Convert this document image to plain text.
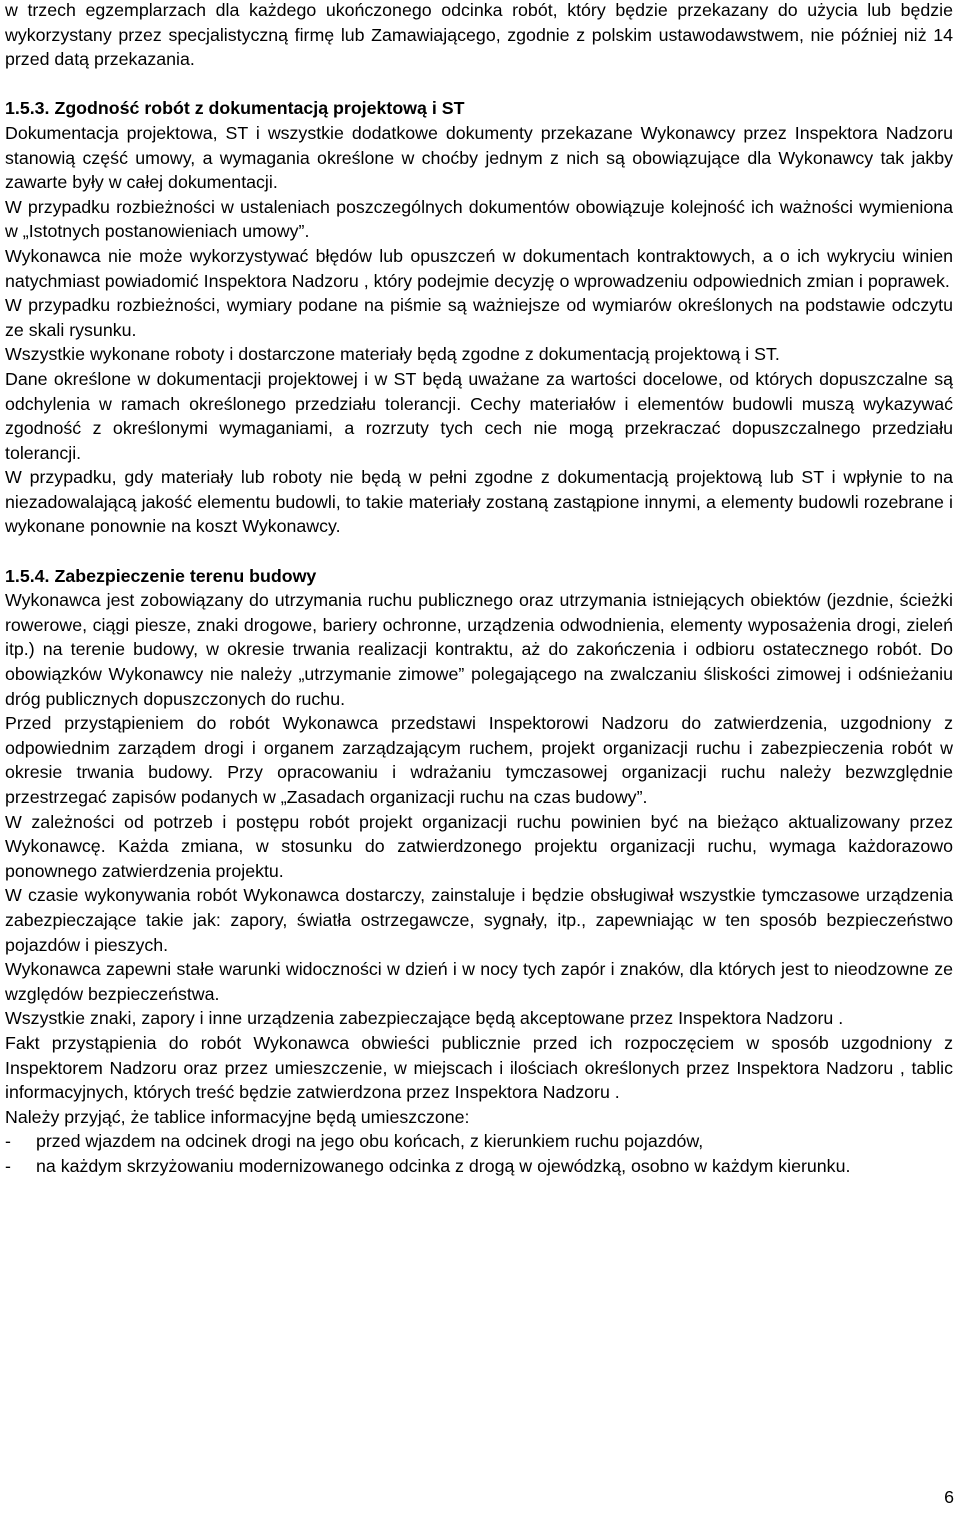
w trzech egzemplarzach dla każdego ukończonego odcinka robót, który będzie przekazany do użycia lub będzie wykorzystany przez specjalistyczną firmę lub Zamawiającego, zgodnie z polskim ustawodawstwem, nie później niż 14 przed datą przekazania.

1.5.3. Zgodność robót z dokumentacją projektową i ST

Dokumentacja projektowa, ST i wszystkie dodatkowe dokumenty przekazane Wykonawcy przez Inspektora Nadzoru stanowią część umowy, a wymagania określone w choćby jednym z nich są obowiązujące dla Wykonawcy tak jakby zawarte były w całej dokumentacji.

W przypadku rozbieżności w ustaleniach poszczególnych dokumentów obowiązuje kolejność ich ważności wymieniona w „Istotnych postanowieniach umowy”.

Wykonawca nie może wykorzystywać błędów lub opuszczeń w dokumentach kontraktowych, a o ich wykryciu winien natychmiast powiadomić Inspektora Nadzoru , który podejmie decyzję o wprowadzeniu odpowiednich zmian i poprawek.

W przypadku rozbieżności, wymiary podane na piśmie są ważniejsze od wymiarów określonych na podstawie odczytu ze skali rysunku.

Wszystkie wykonane roboty i dostarczone materiały będą zgodne z dokumentacją projektową i ST.

Dane określone w dokumentacji projektowej i w ST będą uważane za wartości docelowe, od których dopuszczalne są odchylenia w ramach określonego przedziału tolerancji. Cechy materiałów i elementów budowli muszą wykazywać zgodność z określonymi wymaganiami, a rozrzuty tych cech nie mogą przekraczać dopuszczalnego przedziału tolerancji.

W przypadku, gdy materiały lub roboty nie będą w pełni zgodne z dokumentacją projektową lub ST i wpłynie to na niezadowalającą jakość elementu budowli, to takie materiały zostaną zastąpione innymi, a elementy budowli rozebrane i wykonane ponownie na koszt Wykonawcy.

1.5.4. Zabezpieczenie terenu budowy

Wykonawca jest zobowiązany do utrzymania ruchu publicznego oraz utrzymania istniejących obiektów (jezdnie, ścieżki rowerowe, ciągi piesze, znaki drogowe, bariery ochronne, urządzenia odwodnienia, elementy wyposażenia drogi, zieleń itp.) na terenie budowy, w okresie trwania realizacji kontraktu, aż do zakończenia i odbioru ostatecznego robót. Do obowiązków Wykonawcy nie należy „utrzymanie zimowe” polegającego na zwalczaniu śliskości zimowej i odśnieżaniu dróg publicznych dopuszczonych do ruchu.

Przed przystąpieniem do robót Wykonawca przedstawi Inspektorowi Nadzoru do zatwierdzenia, uzgodniony z odpowiednim zarządem drogi i organem zarządzającym ruchem, projekt organizacji ruchu i zabezpieczenia robót w okresie trwania budowy. Przy opracowaniu i wdrażaniu tymczasowej organizacji ruchu należy bezwzględnie przestrzegać zapisów podanych w „Zasadach organizacji ruchu na czas budowy”.

W zależności od potrzeb i postępu robót projekt organizacji ruchu powinien być na bieżąco aktualizowany przez Wykonawcę. Każda zmiana, w stosunku do zatwierdzonego projektu organizacji ruchu, wymaga każdorazowo ponownego zatwierdzenia projektu.

W czasie wykonywania robót Wykonawca dostarczy, zainstaluje i będzie obsługiwał wszystkie tymczasowe urządzenia zabezpieczające takie jak: zapory, światła ostrzegawcze, sygnały, itp., zapewniając w ten sposób bezpieczeństwo pojazdów i pieszych.

Wykonawca zapewni stałe warunki widoczności w dzień i w nocy tych zapór i znaków, dla których jest to nieodzowne ze względów bezpieczeństwa.

Wszystkie znaki, zapory i inne urządzenia zabezpieczające będą akceptowane przez Inspektora Nadzoru .

Fakt przystąpienia do robót Wykonawca obwieści publicznie przed ich rozpoczęciem w sposób uzgodniony z Inspektorem Nadzoru oraz przez umieszczenie, w miejscach i ilościach określonych przez Inspektora Nadzoru , tablic informacyjnych, których treść będzie zatwierdzona przez Inspektora Nadzoru .

Należy przyjąć, że tablice informacyjne będą umieszczone:

-	przed wjazdem na odcinek drogi na jego obu końcach, z kierunkiem ruchu pojazdów,
-	na każdym skrzyżowaniu modernizowanego odcinka z drogą w ojewódzką, osobno w każdym kierunku.
6
